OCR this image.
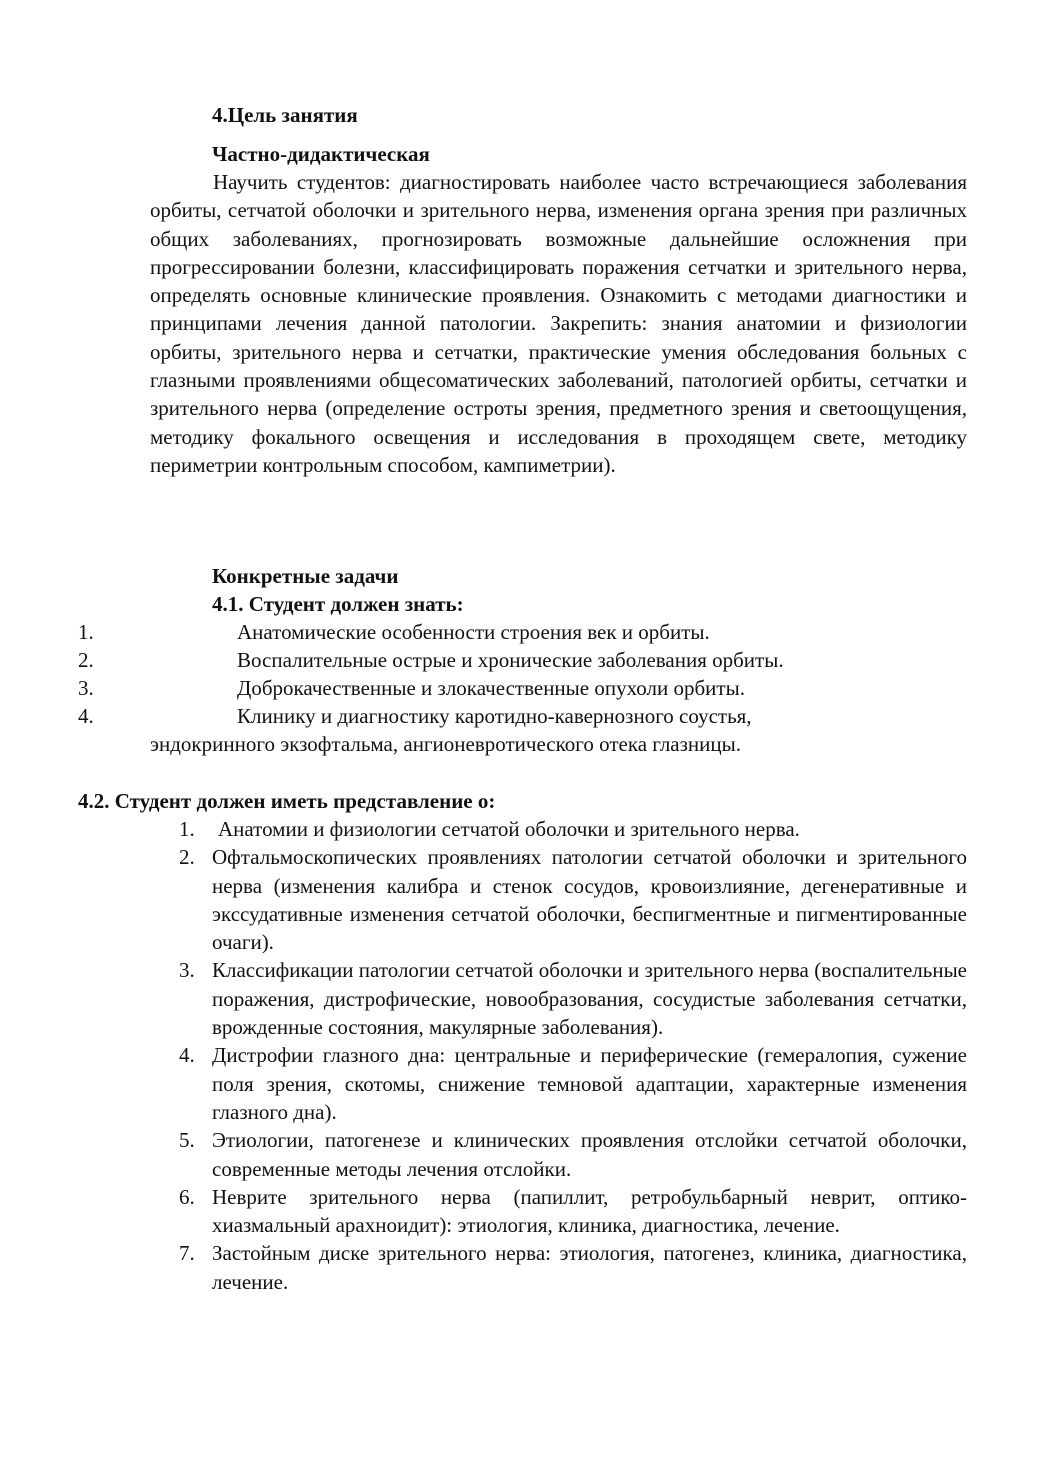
4.Цель занятия
Частно-дидактическая
Научить студентов: диагностировать наиболее часто встречающиеся заболевания орбиты, сетчатой оболочки и зрительного нерва, изменения органа зрения при различных общих заболеваниях, прогнозировать возможные дальнейшие осложнения при прогрессировании болезни, классифицировать поражения сетчатки и зрительного нерва, определять основные клинические проявления. Ознакомить с методами диагностики и принципами лечения данной патологии. Закрепить: знания анатомии и физиологии орбиты, зрительного нерва и сетчатки, практические умения обследования больных с глазными проявлениями общесоматических заболеваний, патологией орбиты, сетчатки и зрительного нерва (определение остроты зрения, предметного зрения и светоощущения, методику фокального освещения и исследования в проходящем свете, методику периметрии контрольным способом, кампиметрии).
Конкретные задачи
4.1. Студент должен знать:
1.	Анатомические особенности строения век и орбиты.
2.	Воспалительные острые и хронические заболевания орбиты.
3.	Доброкачественные и злокачественные опухоли орбиты.
4.	Клинику и диагностику каротидно-кавернозного соустья,
эндокринного экзофтальма, ангионевротического отека глазницы.
4.2. Студент должен иметь представление о:
1. Анатомии и физиологии сетчатой оболочки и зрительного нерва.
2. Офтальмоскопических проявлениях патологии сетчатой оболочки и зрительного нерва (изменения калибра и стенок сосудов, кровоизлияние, дегенеративные и экссудативные изменения сетчатой оболочки, беспигментные и пигментированные очаги).
3. Классификации патологии сетчатой оболочки и зрительного нерва (воспалительные поражения, дистрофические, новообразования, сосудистые заболевания сетчатки, врожденные состояния, макулярные заболевания).
4. Дистрофии глазного дна: центральные и периферические (гемералопия, сужение поля зрения, скотомы, снижение темновой адаптации, характерные изменения глазного дна).
5. Этиологии, патогенезе и клинических проявления отслойки сетчатой оболочки, современные методы лечения отслойки.
6. Неврите зрительного нерва (папиллит, ретробульбарный неврит, оптико-хиазмальный арахноидит): этиология, клиника, диагностика, лечение.
7. Застойным диске зрительного нерва: этиология, патогенез, клиника, диагностика, лечение.
